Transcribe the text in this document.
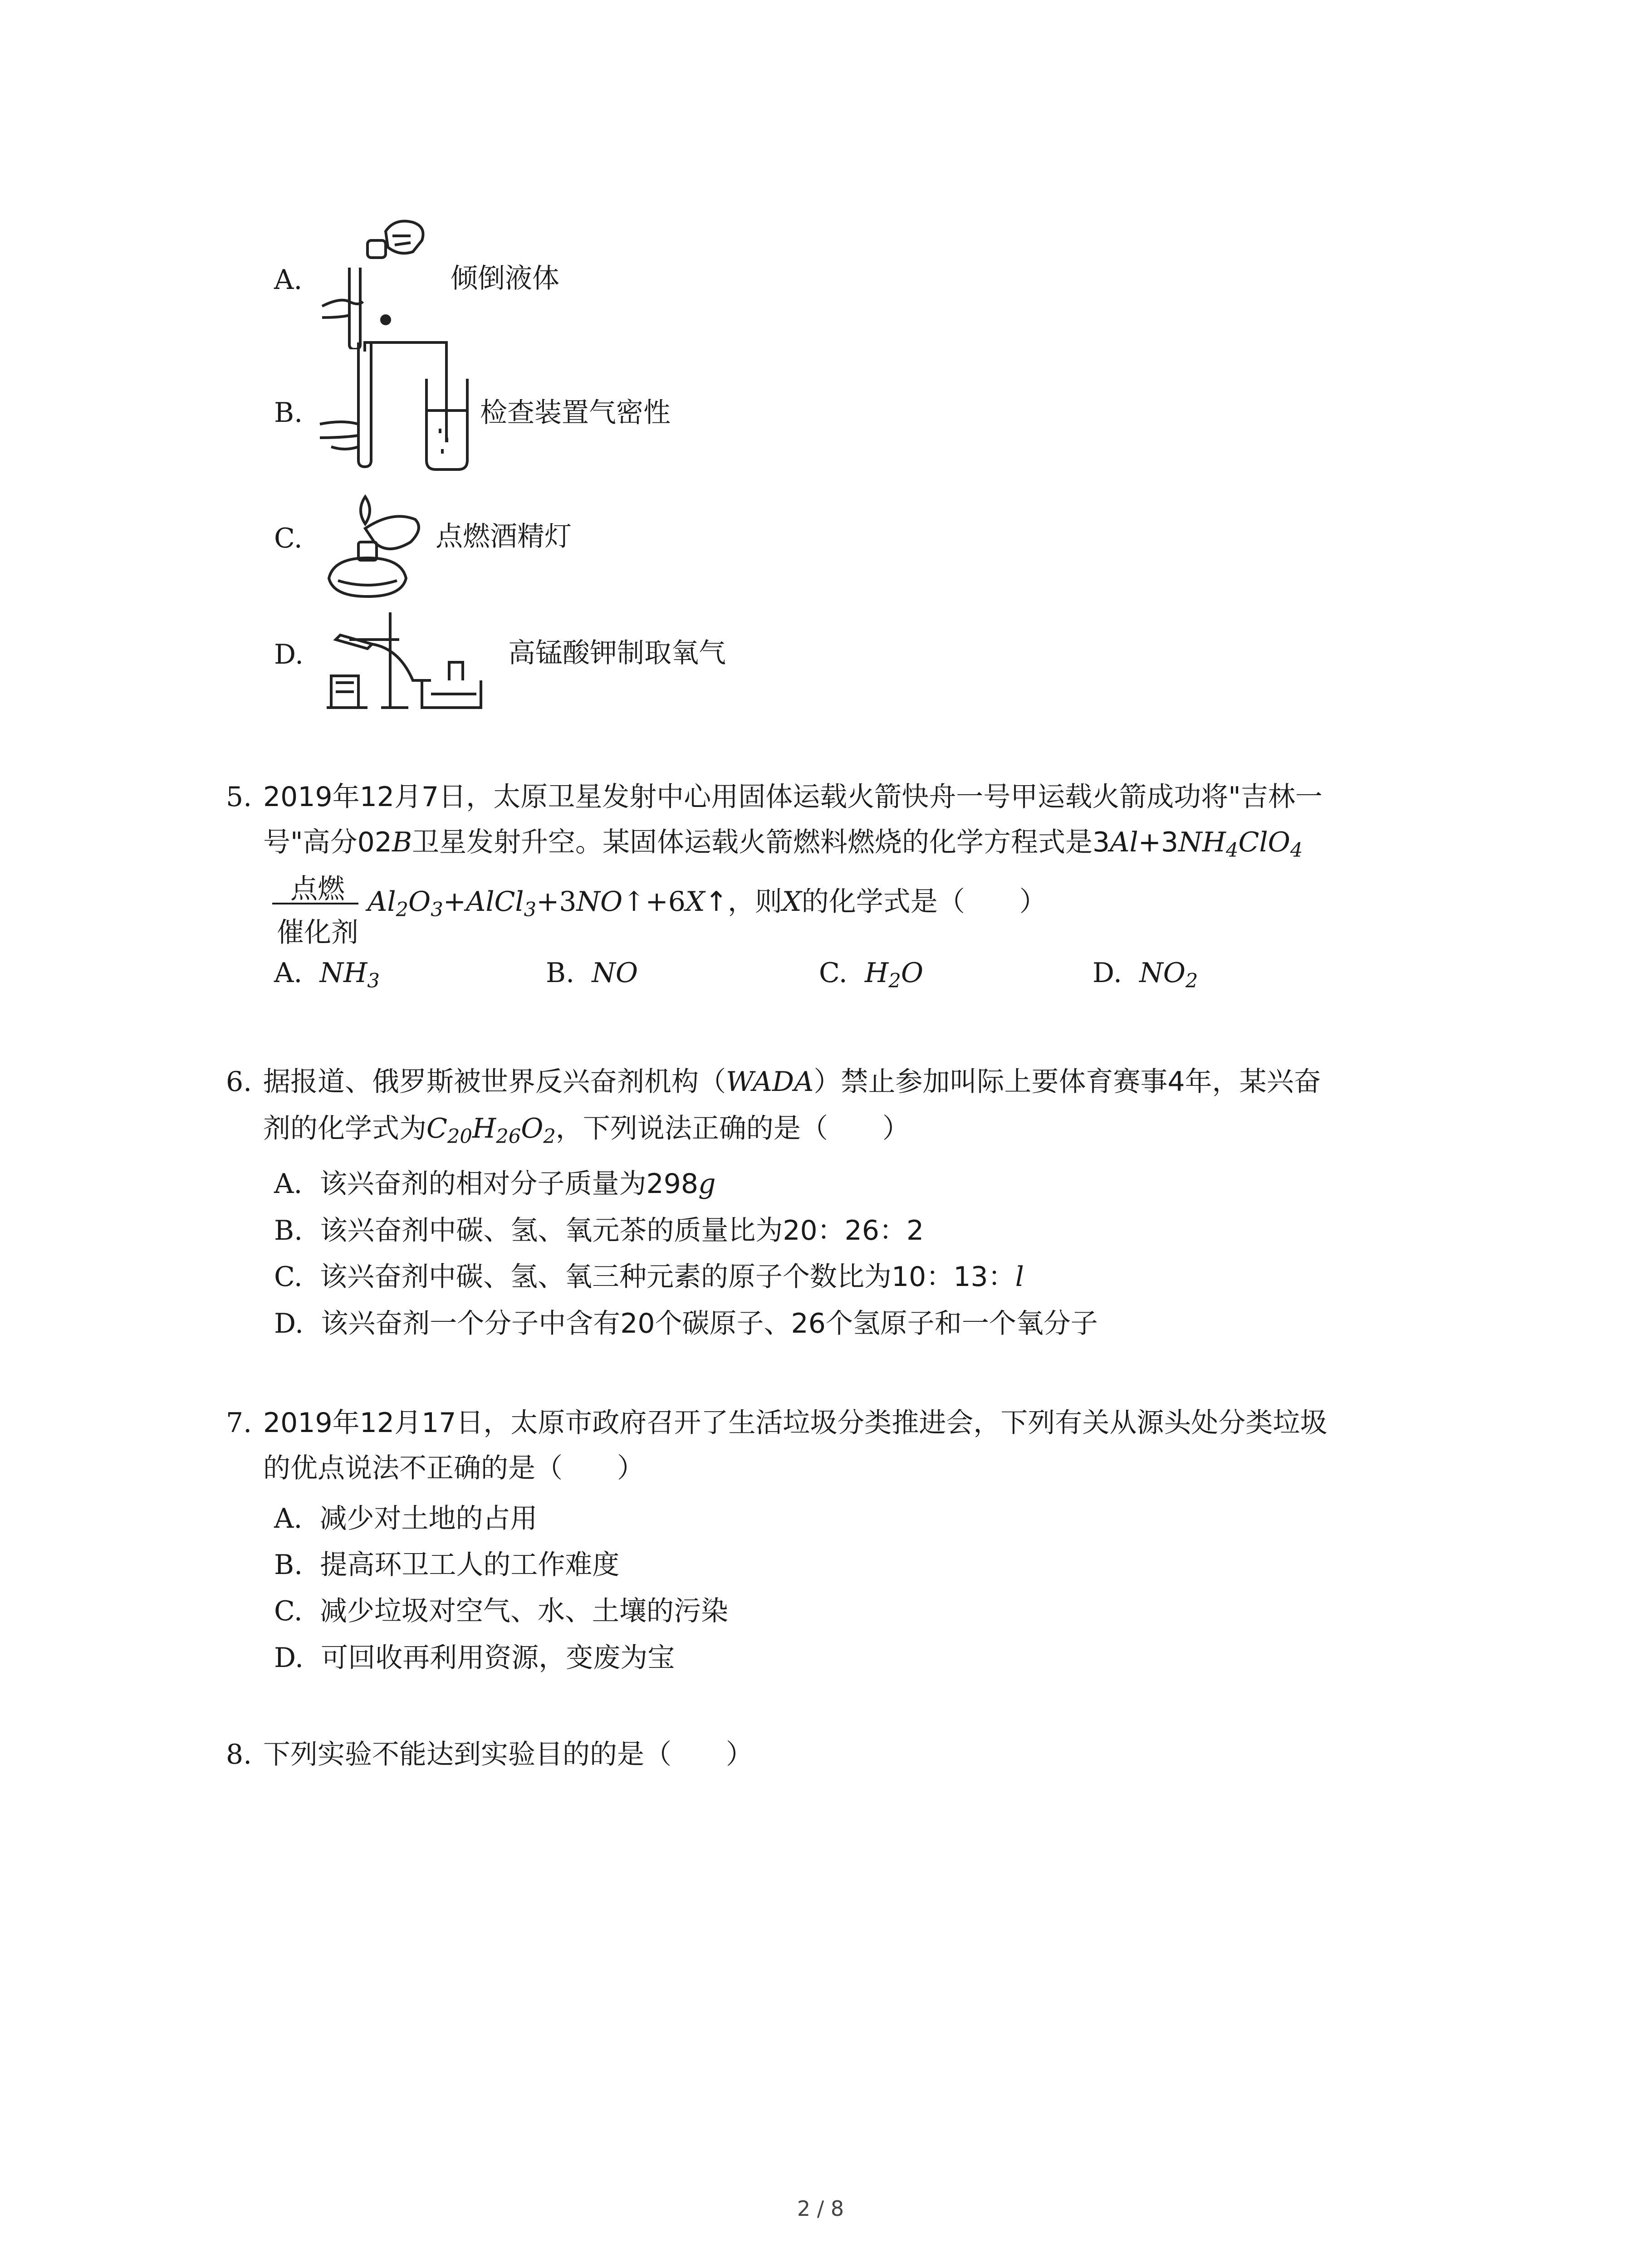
A.	倾倒液体
B.	检查装置气密性
C.	点燃酒精灯
D.	高锰酸钾制取氧气
5. 2019年12月7日，太原卫星发射中心用固体运载火箭快舟一号甲运载火箭成功将"吉林一
号"高分02B卫星发射升空。某固体运载火箭燃料燃烧的化学方程式是$3Al+3NH_4ClO_4$
点燃
催化剂
$Al_2O_3+AlCl_3+3NO↑+6X↑$，则X的化学式是（　　）
A. $NH_3$	B. NO	C. $H_2O$	D. $NO_2$
6. 据报道、俄罗斯被世界反兴奋剂机构（WADA）禁止参加叫际上要体育赛事4年，某兴奋
剂的化学式为$C_{20}H_{26}O_2$，下列说法正确的是（　　）
A. 该兴奋剂的相对分子质量为298g
B. 该兴奋剂中碳、氢、氧元茶的质量比为20：26：2
C. 该兴奋剂中碳、氢、氧三种元素的原子个数比为10：13：l
D. 该兴奋剂一个分子中含有20个碳原子、26个氢原子和一个氧分子
7. 2019年12月17日，太原市政府召开了生活垃圾分类推进会，下列有关从源头处分类垃圾
的优点说法不正确的是（　　）
A. 减少对土地的占用
B. 提高环卫工人的工作难度
C. 减少垃圾对空气、水、土壤的污染
D. 可回收再利用资源，变废为宝
8. 下列实验不能达到实验目的的是（　　）
2 / 8
